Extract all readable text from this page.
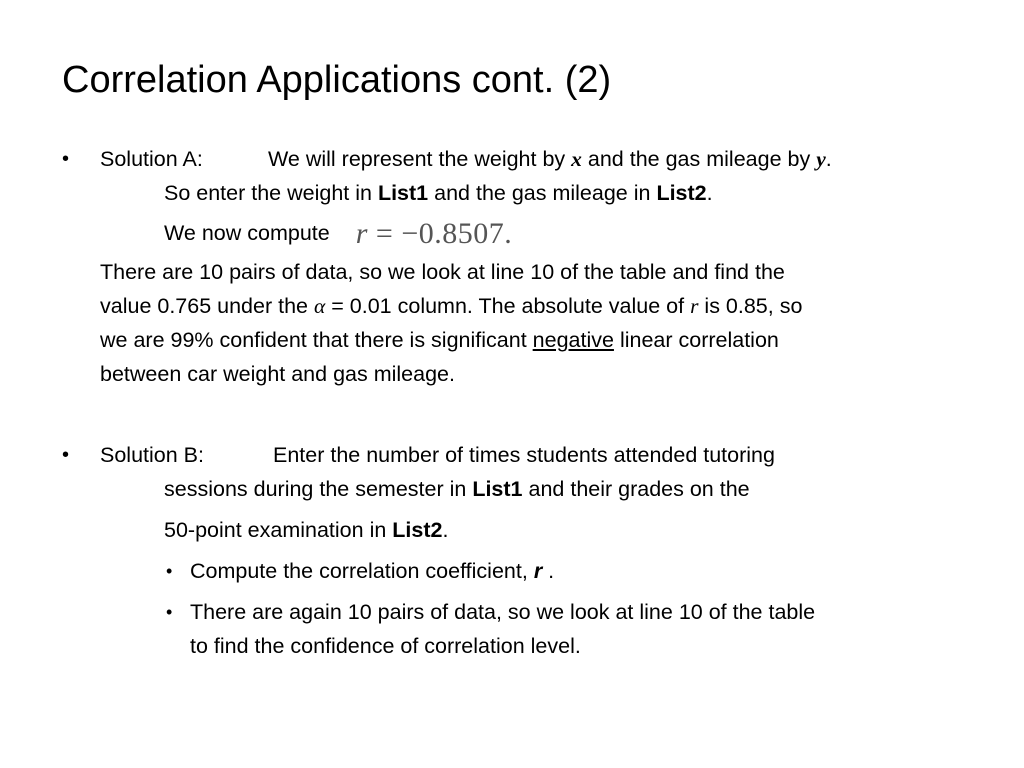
Correlation Applications cont. (2)
• Solution A:	We will represent the weight by x and the gas mileage by y.
So enter the weight in List1 and the gas mileage in List2.
We now compute r = −0.8507.
There are 10 pairs of data, so we look at line 10 of the table and find the
value 0.765 under the α = 0.01 column. The absolute value of r is 0.85, so
we are 99% confident that there is significant negative linear correlation
between car weight and gas mileage.
• Solution B:	Enter the number of times students attended tutoring
sessions during the semester in List1 and their grades on the
50-point examination in List2.
• Compute the correlation coefficient, r .
• There are again 10 pairs of data, so we look at line 10 of the table
to find the confidence of correlation level.
